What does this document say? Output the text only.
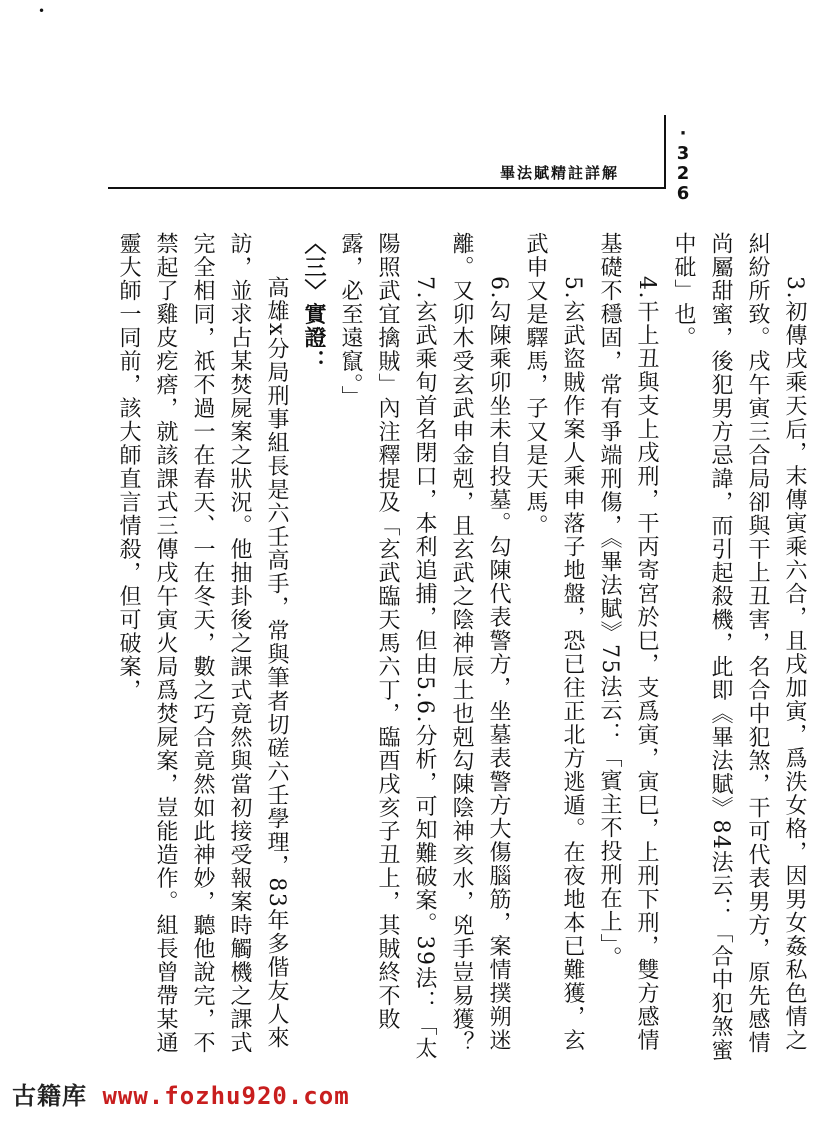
•
·
3
2
6
畢法賦精註詳解

3.初傳戌乘天后，末傳寅乘六合，且戌加寅，爲泆女格，因男女姦私色情之糾紛所致。戌午寅三合局卻與干上丑害，名合中犯煞，干可代表男方，原先感情尚屬甜蜜，後犯男方忌諱，而引起殺機，此即《畢法賦》84法云：「合中犯煞蜜中砒」也。

4.干上丑與支上戌刑，干丙寄宮於巳，支爲寅，寅巳，上刑下刑，雙方感情基礎不穩固，常有爭端刑傷，《畢法賦》75法云：「賓主不投刑在上」。

5.玄武盜賊作案人乘申落子地盤，恐已往正北方逃遁。在夜地本已難獲，玄武申又是驛馬，子又是天馬。

6.勾陳乘卯坐未自投墓。勾陳代表警方，坐墓表警方大傷腦筋，案情撲朔迷離。又卯木受玄武申金剋，且玄武之陰神辰土也剋勾陳陰神亥水，兇手豈易獲？

7.玄武乘旬首名閉口，本利追捕，但由5.6.分析，可知難破案。39法：「太陽照武宜擒賊」內注釋提及「玄武臨天馬六丁，臨酉戌亥子丑上，其賊終不敗露，必至遠竄。」

〈三〉實證：

高雄x分局刑事組長是六壬高手，常與筆者切磋六壬學理，83年多偕友人來訪，並求占某焚屍案之狀況。他抽卦後之課式竟然與當初接受報案時觸機之課式完全相同，祇不過一在春天、一在冬天，數之巧合竟然如此神妙，聽他說完，不禁起了雞皮疙瘩，就該課式三傳戌午寅火局爲焚屍案，豈能造作。組長曾帶某通靈大師一同前，該大師直言情殺，但可破案，

古籍库 www.fozhu920.com
